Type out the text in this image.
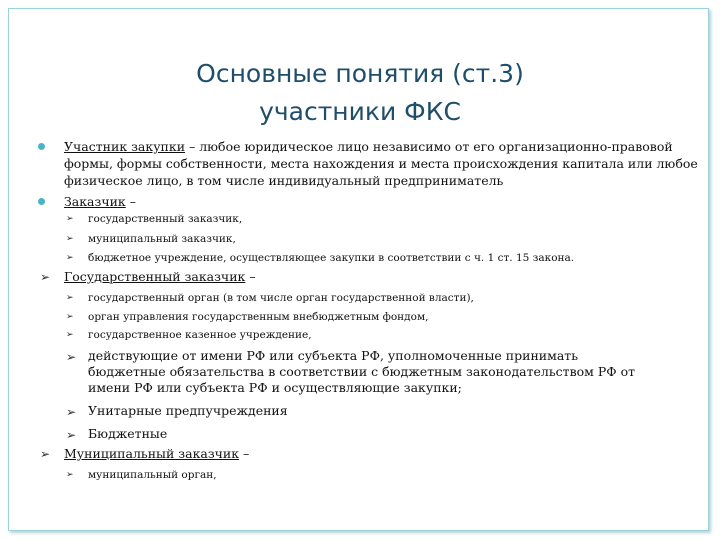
Основные понятия (ст.3)
участники ФКС

Участник закупки – любое юридическое лицо независимо от его организационно-правовой

формы, формы собственности, места нахождения и места происхождения капитала или любое

физическое лицо, в том числе индивидуальный предприниматель

Заказчик –

➢ государственный заказчик,

➢ муниципальный заказчик,

➢ бюджетное учреждение, осуществляющее закупки в соответствии с ч. 1 ст. 15 закона.

➢ Государственный заказчик –

➢ государственный орган (в том числе орган государственной власти),

➢ орган управления государственным внебюджетным фондом,

➢ государственное казенное учреждение,

➢ действующие от имени РФ или субъекта РФ, уполномоченные принимать

бюджетные обязательства в соответствии с бюджетным законодательством РФ от

имени РФ или субъекта РФ и осуществляющие закупки;

➢ Унитарные предпучреждения

➢ Бюджетные

➢ Муниципальный заказчик –

➢ муниципальный орган,
